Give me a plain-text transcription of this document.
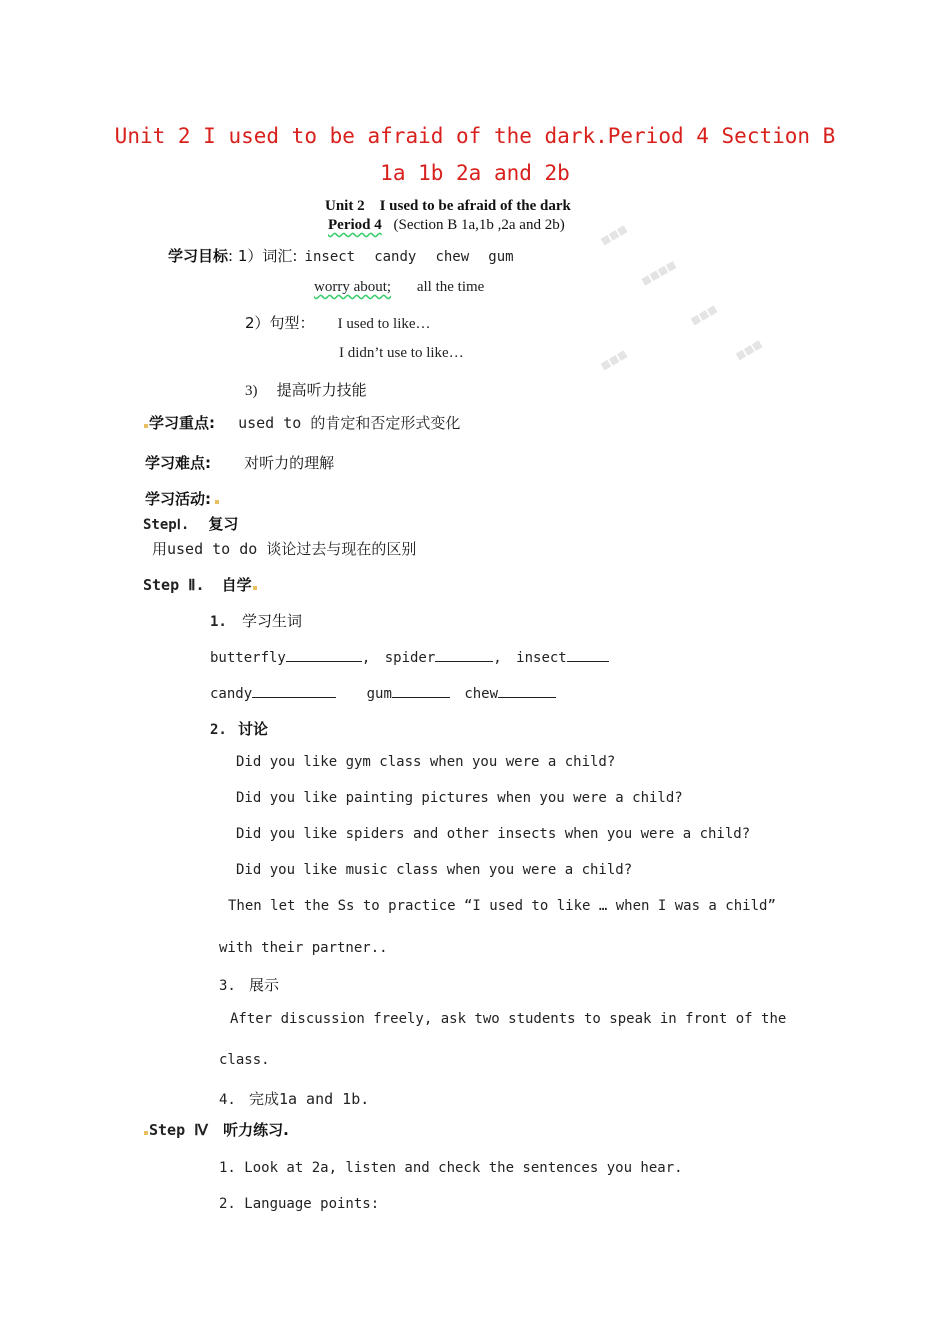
■■■
■■■■
■■■
■■■
■■■
Unit 2 I used to be afraid of the dark.Period 4 Section B
1a 1b 2a and 2b
Unit 2　I used to be afraid of the dark
Period 4 (Section B 1a,1b ,2a and 2b)
学习目标: 1）词汇: insect candy chew gum
worry about; all the time
2）句型： I used to like…
I didn’t use to like…
3) 提高听力技能
学习重点: used to 的肯定和否定形式变化
学习难点: 对听力的理解
学习活动:
StepⅠ. 复习
用used to do 谈论过去与现在的区别
Step Ⅱ. 自学
1. 学习生词
butterfly	, spider	, insect
candy	gum	chew
2. 讨论
Did you like gym class when you were a child?
Did you like painting pictures when you were a child?
Did you like spiders and other insects when you were a child?
Did you like music class when you were a child?
Then let the Ss to practice “I used to like … when I was a child”
with their partner..
3. 展示
After discussion freely, ask two students to speak in front of the
class.
4. 完成1a and 1b.
Step Ⅳ 听力练习.
1. Look at 2a, listen and check the sentences you hear.
2. Language points:
